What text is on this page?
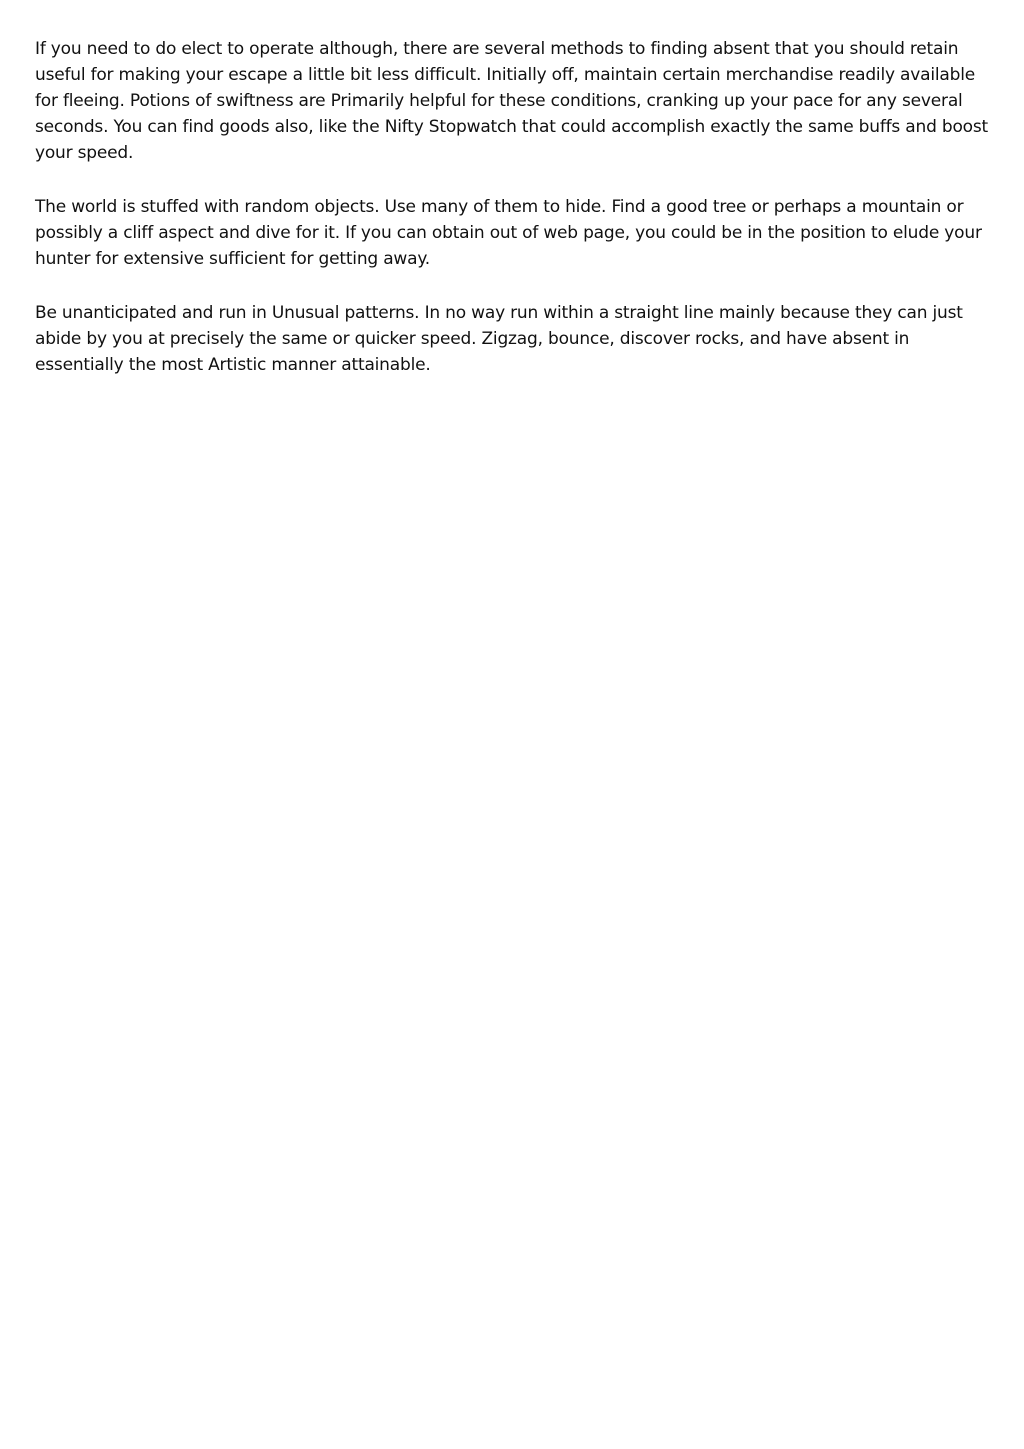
If you need to do elect to operate although, there are several methods to finding absent that you should retain useful for making your escape a little bit less difficult. Initially off, maintain certain merchandise readily available for fleeing. Potions of swiftness are Primarily helpful for these conditions, cranking up your pace for any several seconds. You can find goods also, like the Nifty Stopwatch that could accomplish exactly the same buffs and boost your speed.

The world is stuffed with random objects. Use many of them to hide. Find a good tree or perhaps a mountain or possibly a cliff aspect and dive for it. If you can obtain out of web page, you could be in the position to elude your hunter for extensive sufficient for getting away.

Be unanticipated and run in Unusual patterns. In no way run within a straight line mainly because they can just abide by you at precisely the same or quicker speed. Zigzag, bounce, discover rocks, and have absent in essentially the most Artistic manner attainable.
